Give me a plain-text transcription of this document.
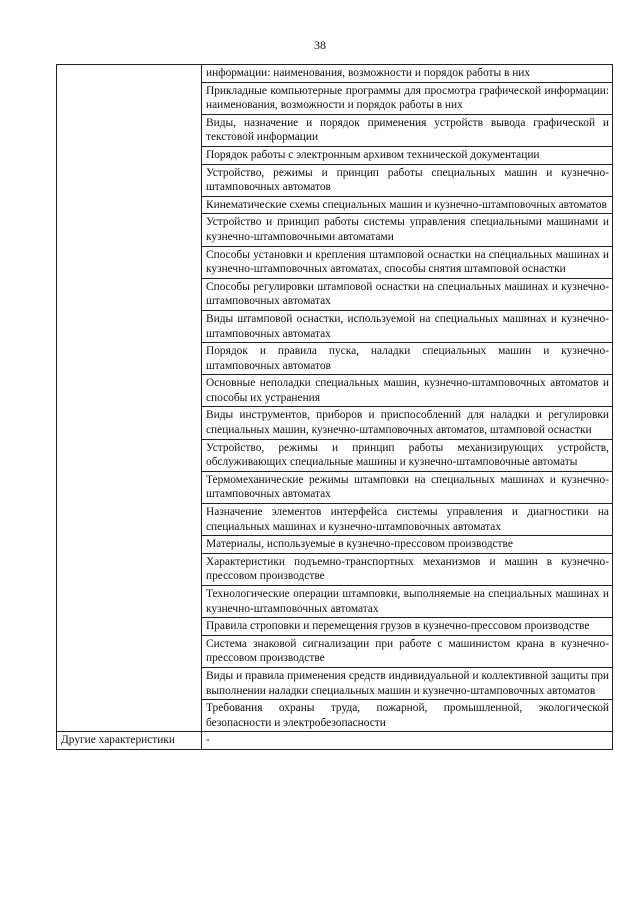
38
	информации: наименования, возможности и порядок работы в них
	Прикладные компьютерные программы для просмотра графической информации: наименования, возможности и порядок работы в них
	Виды, назначение и порядок применения устройств вывода графической и текстовой информации
	Порядок работы с электронным архивом технической документации
	Устройство, режимы и принцип работы специальных машин и кузнечно-штамповочных автоматов
	Кинематические схемы специальных машин и кузнечно-штамповочных автоматов
	Устройство и принцип работы системы управления специальными машинами и кузнечно-штамповочными автоматами
	Способы установки и крепления штамповой оснастки на специальных машинах и кузнечно-штамповочных автоматах, способы снятия штамповой оснастки
	Способы регулировки штамповой оснастки на специальных машинах и кузнечно-штамповочных автоматах
	Виды штамповой оснастки, используемой на специальных машинах и кузнечно-штамповочных автоматах
	Порядок и правила пуска, наладки специальных машин и кузнечно-штамповочных автоматов
	Основные неполадки специальных машин, кузнечно-штамповочных автоматов и способы их устранения
	Виды инструментов, приборов и приспособлений для наладки и регулировки специальных машин, кузнечно-штамповочных автоматов, штамповой оснастки
	Устройство, режимы и принцип работы механизирующих устройств, обслуживающих специальные машины и кузнечно-штамповочные автоматы
	Термомеханические режимы штамповки на специальных машинах и кузнечно-штамповочных автоматах
	Назначение элементов интерфейса системы управления и диагностики на специальных машинах и кузнечно-штамповочных автоматах
	Материалы, используемые в кузнечно-прессовом производстве
	Характеристики подъемно-транспортных механизмов и машин в кузнечно-прессовом производстве
	Технологические операции штамповки, выполняемые на специальных машинах и кузнечно-штамповочных автоматах
	Правила строповки и перемещения грузов в кузнечно-прессовом производстве
	Система знаковой сигнализации при работе с машинистом крана в кузнечно-прессовом производстве
	Виды и правила применения средств индивидуальной и коллективной защиты при выполнении наладки специальных машин и кузнечно-штамповочных автоматов
	Требования охраны труда, пожарной, промышленной, экологической безопасности и электробезопасности
Другие характеристики	-
